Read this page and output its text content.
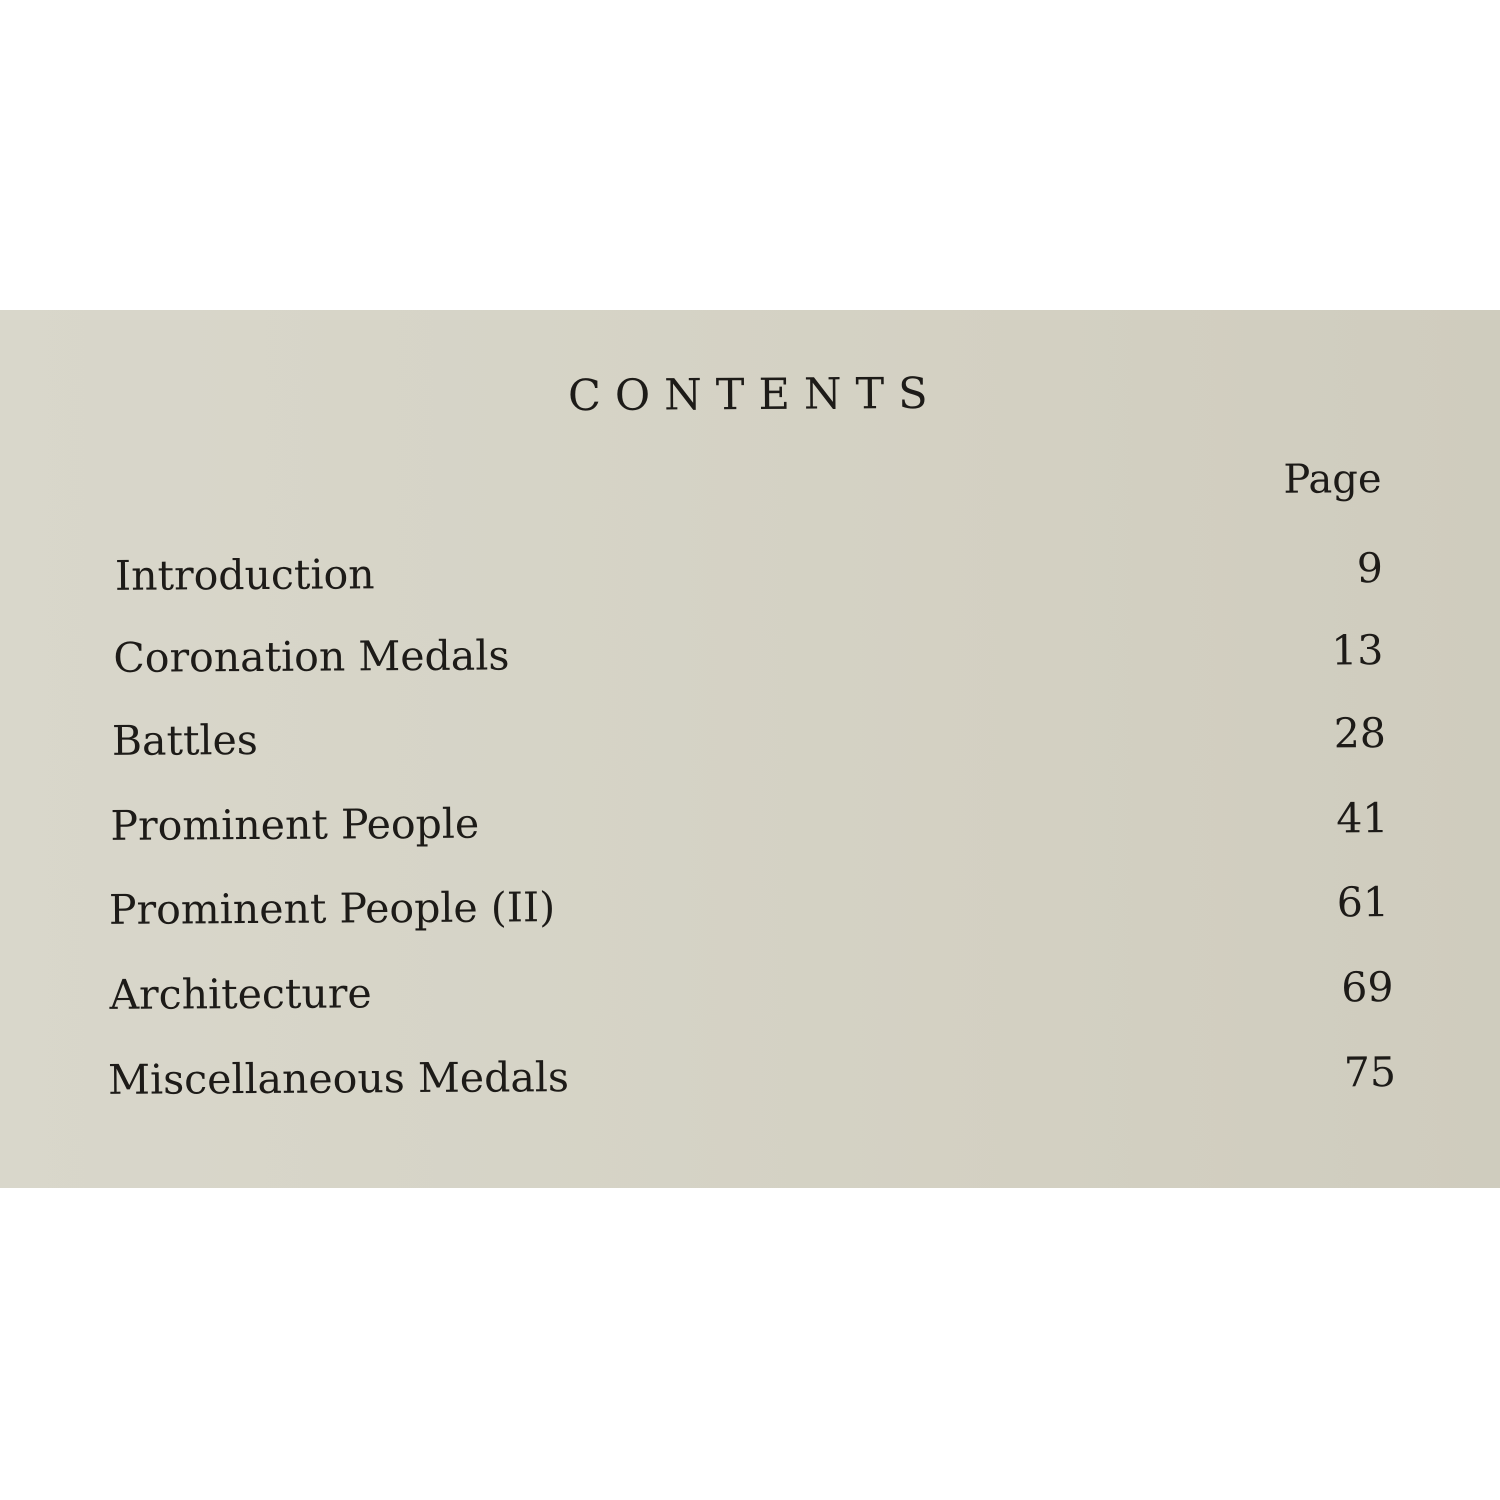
CONTENTS
Page
Introduction	9
Coronation Medals	13
Battles	28
Prominent People	41
Prominent People (II)	61
Architecture	69
Miscellaneous Medals	75
